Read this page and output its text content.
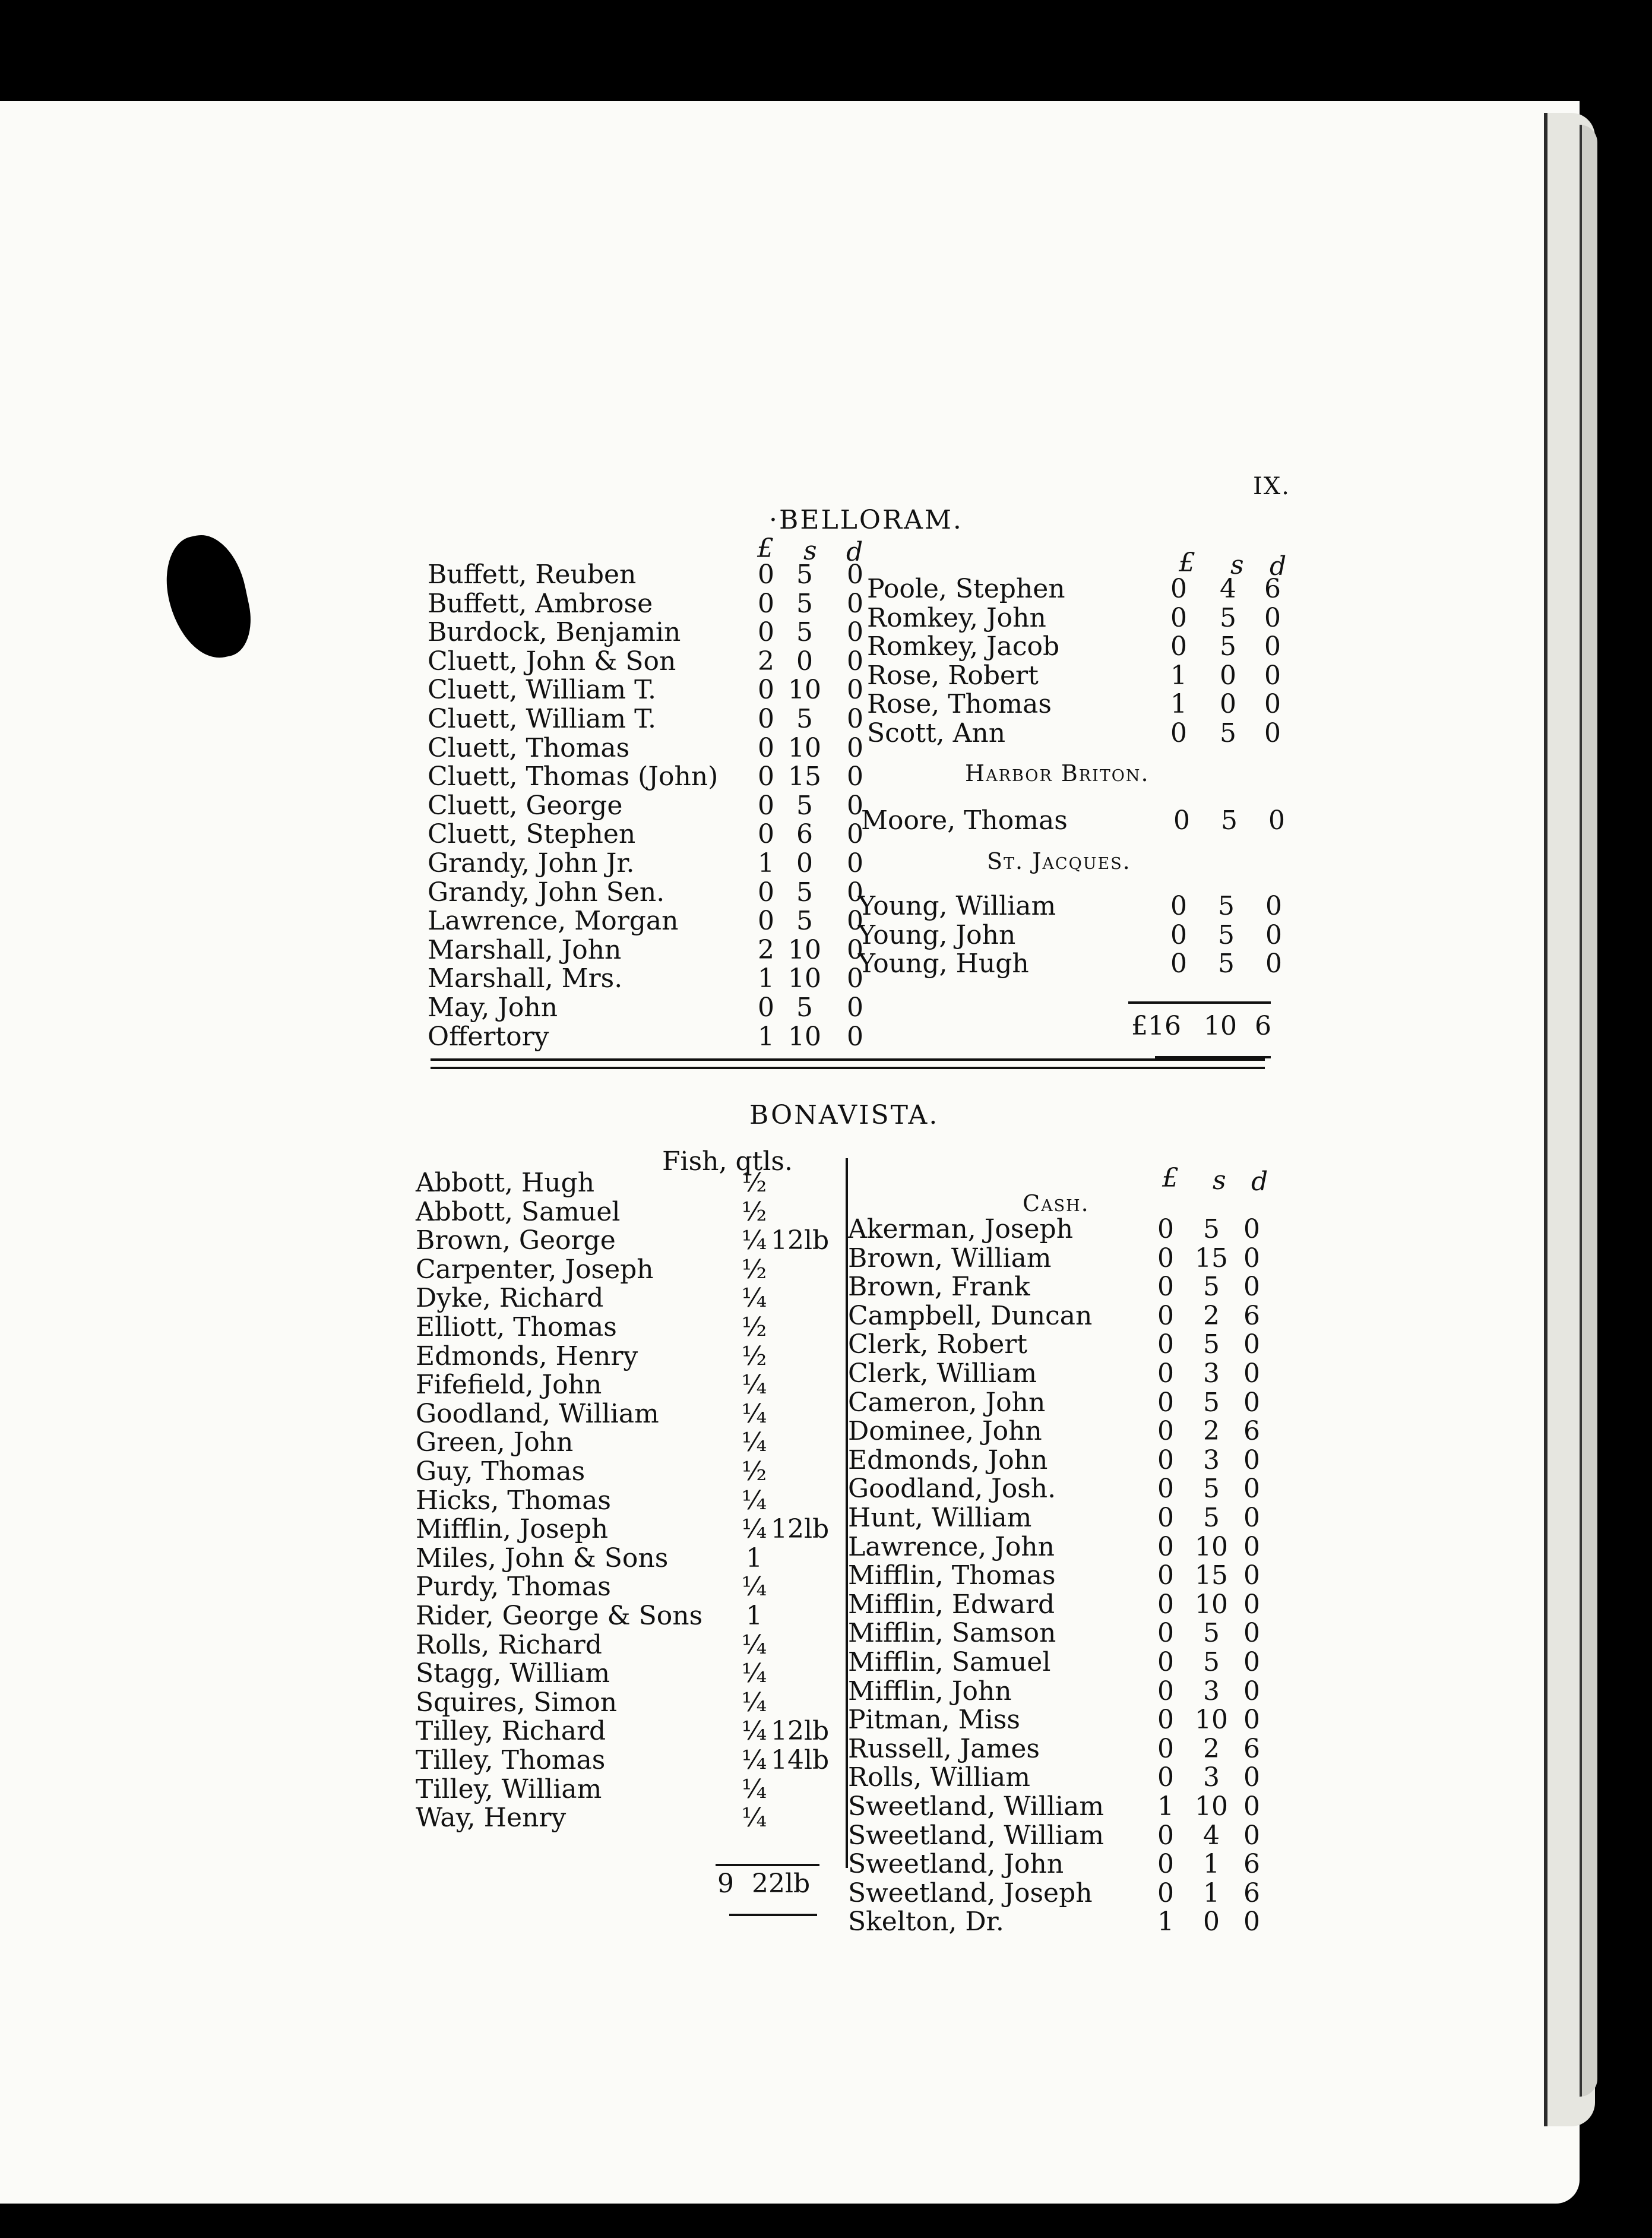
IX.
·BELLORAM.
£ s d	£ s d
Buffett, Reuben	0 5	0
Buffett, Ambrose	0 5	0
Burdock, Benjamin	0 5	0
Cluett, John & Son	2 0	0
Cluett, William T.	0 10 0
Cluett, William T.	0 5	0
Cluett, Thomas	0 10 0
Cluett, Thomas (John)	0 15 0
Cluett, George	0 5	0
Cluett, Stephen	0 6	0
Grandy, John Jr.	1 0	0
Grandy, John Sen.	0 5	0
Lawrence, Morgan	0 5	0
Marshall, John	2 10 0
Marshall, Mrs.	1 10 0
May, John	0 5	0
Offertory	1 10 0
Poole, Stephen	0	4	6
Romkey, John	0	5	0
Romkey, Jacob	0	5	0
Rose, Robert	1	0	0
Rose, Thomas	1	0	0
Scott, Ann	0	5	0
Harbor Briton.
Moore, Thomas	0	5	0
St. Jacques.
Young, William	0	5	0
Young, John	0	5	0
Young, Hugh	0	5	0
£16 10 6
BONAVISTA.
Fish, qtls.
Cash.
£ s d
Abbott, Hugh	½
Abbott, Samuel	½
Brown, George	¼ 12lb
Carpenter, Joseph	½
Dyke, Richard	¼
Elliott, Thomas	½
Edmonds, Henry	½
Fifefield, John	¼
Goodland, William	¼
Green, John	¼
Guy, Thomas	½
Hicks, Thomas	¼
Mifflin, Joseph	¼ 12lb
Miles, John & Sons	1
Purdy, Thomas	¼
Rider, George & Sons	1
Rolls, Richard	¼
Stagg, William	¼
Squires, Simon	¼
Tilley, Richard	¼ 12lb
Tilley, Thomas	¼ 14lb
Tilley, William	¼
Way, Henry	¼
Akerman, Joseph	0	5 0
Brown, William	0 15 0
Brown, Frank	0	5 0
Campbell, Duncan	0	2 6
Clerk, Robert	0	5 0
Clerk, William	0	3 0
Cameron, John	0	5 0
Dominee, John	0	2 6
Edmonds, John	0	3 0
Goodland, Josh.	0	5 0
Hunt, William	0	5 0
Lawrence, John	0 10 0
Mifflin, Thomas	0 15 0
Mifflin, Edward	0 10 0
Mifflin, Samson	0	5 0
Mifflin, Samuel	0	5 0
Mifflin, John	0	3 0
Pitman, Miss	0 10 0
Russell, James	0	2 6
Rolls, William	0	3 0
Sweetland, William	1 10 0
Sweetland, William	0	4 0
Sweetland, John	0	1 6
Sweetland, Joseph	0	1 6
Skelton, Dr.	1	0 0
9 22lb
